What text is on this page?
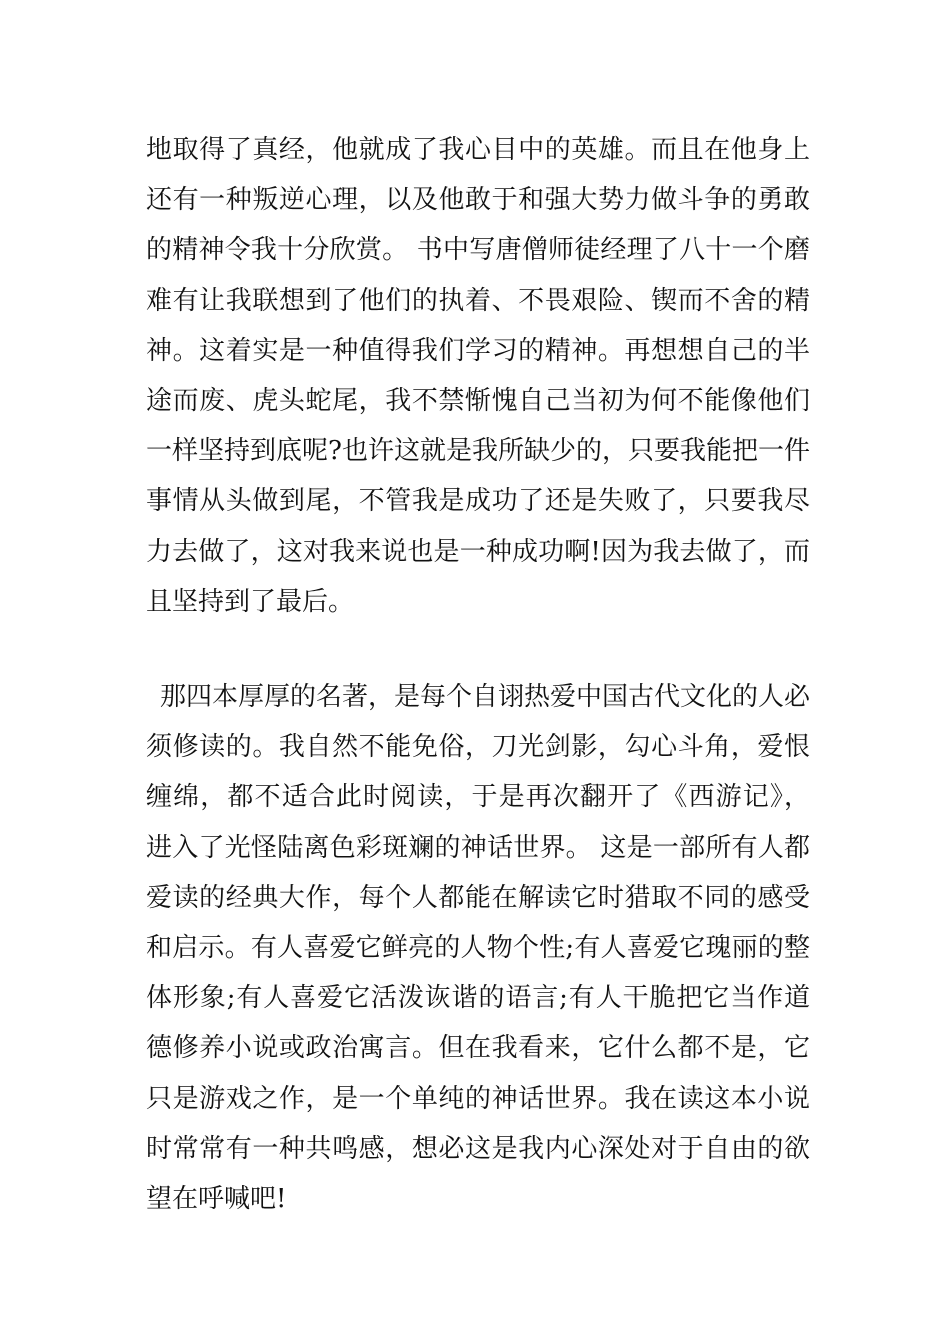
地取得了真经，他就成了我心目中的英雄。而且在他身上
还有一种叛逆心理，以及他敢于和强大势力做斗争的勇敢
的精神令我十分欣赏。 书中写唐僧师徒经理了八十一个磨
难有让我联想到了他们的执着、不畏艰险、锲而不舍的精
神。这着实是一种值得我们学习的精神。再想想自己的半
途而废、虎头蛇尾，我不禁惭愧自己当初为何不能像他们
一样坚持到底呢?也许这就是我所缺少的，只要我能把一件
事情从头做到尾，不管我是成功了还是失败了，只要我尽
力去做了，这对我来说也是一种成功啊!因为我去做了，而
且坚持到了最后。
那四本厚厚的名著，是每个自诩热爱中国古代文化的人必
须修读的。我自然不能免俗，刀光剑影，勾心斗角，爱恨
缠绵，都不适合此时阅读，于是再次翻开了《西游记》，
进入了光怪陆离色彩斑斓的神话世界。 这是一部所有人都
爱读的经典大作，每个人都能在解读它时猎取不同的感受
和启示。有人喜爱它鲜亮的人物个性;有人喜爱它瑰丽的整
体形象;有人喜爱它活泼诙谐的语言;有人干脆把它当作道
德修养小说或政治寓言。但在我看来，它什么都不是，它
只是游戏之作，是一个单纯的神话世界。我在读这本小说
时常常有一种共鸣感，想必这是我内心深处对于自由的欲
望在呼喊吧!
